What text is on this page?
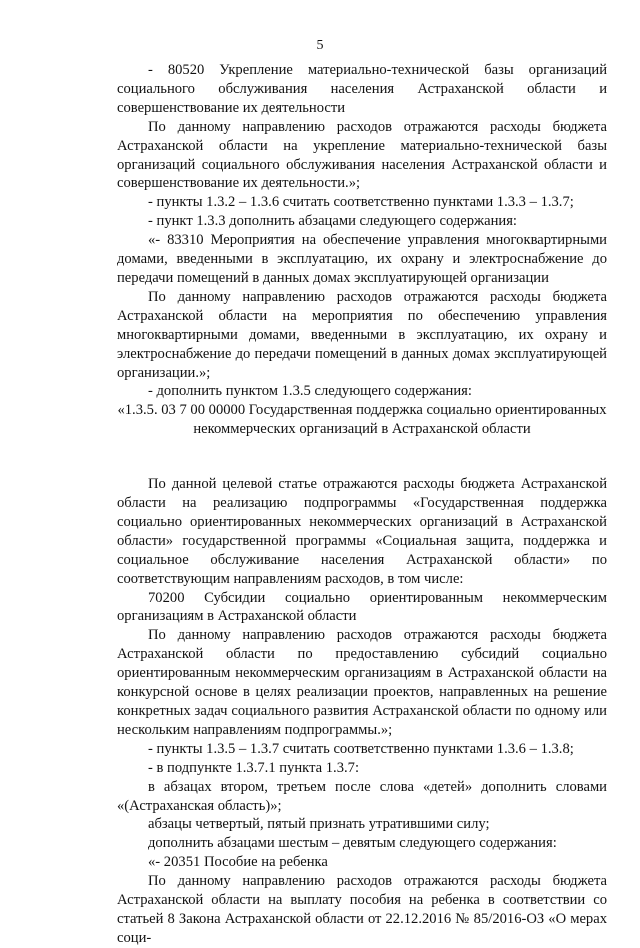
5

- 80520 Укрепление материально-технической базы организаций социального обслуживания населения Астраханской области и совершенствование их деятельности

По данному направлению расходов отражаются расходы бюджета Астраханской области на укрепление материально-технической базы организаций социального обслуживания населения Астраханской области и совершенствование их деятельности.»;

- пункты 1.3.2 – 1.3.6 считать соответственно пунктами 1.3.3 – 1.3.7;

- пункт 1.3.3 дополнить абзацами следующего содержания:

«- 83310 Мероприятия на обеспечение управления многоквартирными домами, введенными в эксплуатацию, их охрану и электроснабжение до передачи помещений в данных домах эксплуатирующей организации

По данному направлению расходов отражаются расходы бюджета Астраханской области на мероприятия по обеспечению управления многоквартирными домами, введенными в эксплуатацию, их охрану и электроснабжение до передачи помещений в данных домах эксплуатирующей организации.»;

- дополнить пунктом 1.3.5 следующего содержания:

«1.3.5. 03 7 00 00000 Государственная поддержка социально ориентированных некоммерческих организаций в Астраханской области

По данной целевой статье отражаются расходы бюджета Астраханской области на реализацию подпрограммы «Государственная поддержка социально ориентированных некоммерческих организаций в Астраханской области» государственной программы «Социальная защита, поддержка и социальное обслуживание населения Астраханской области» по соответствующим направлениям расходов, в том числе:

70200 Субсидии социально ориентированным некоммерческим организациям в Астраханской области

По данному направлению расходов отражаются расходы бюджета Астраханской области по предоставлению субсидий социально ориентированным некоммерческим организациям в Астраханской области на конкурсной основе в целях реализации проектов, направленных на решение конкретных задач социального развития Астраханской области по одному или нескольким направлениям подпрограммы.»;

- пункты 1.3.5 – 1.3.7 считать соответственно пунктами 1.3.6 – 1.3.8;

- в подпункте 1.3.7.1 пункта 1.3.7:

в абзацах втором, третьем после слова «детей» дополнить словами «(Астраханская область)»;

абзацы четвертый, пятый признать утратившими силу;

дополнить абзацами шестым – девятым следующего содержания:

«- 20351 Пособие на ребенка

По данному направлению расходов отражаются расходы бюджета Астраханской области на выплату пособия на ребенка в соответствии со статьей 8 Закона Астраханской области от 22.12.2016 № 85/2016-ОЗ «О мерах соци-
